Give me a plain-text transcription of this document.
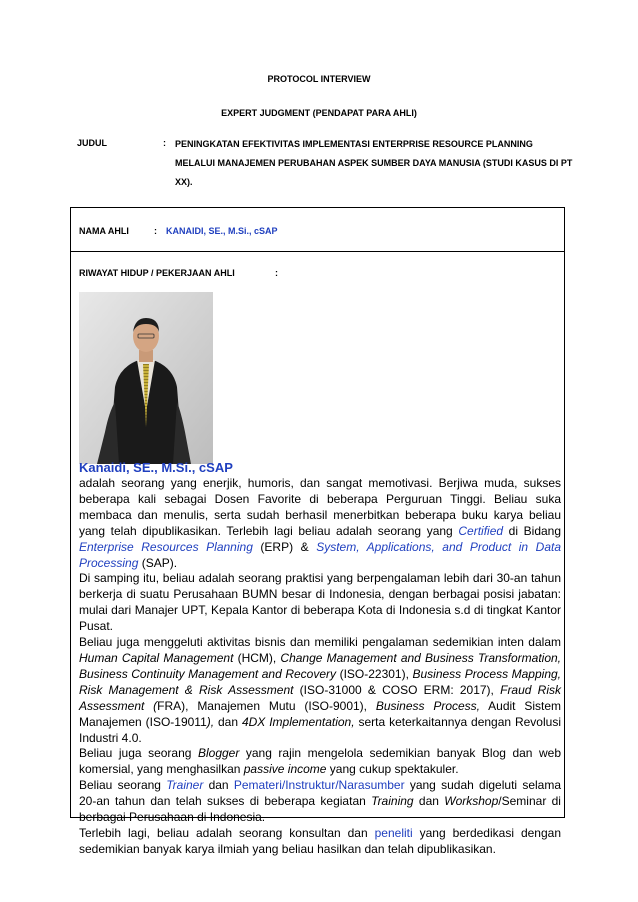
PROTOCOL INTERVIEW
EXPERT JUDGMENT (PENDAPAT PARA AHLI)
JUDUL	: PENINGKATAN EFEKTIVITAS IMPLEMENTASI ENTERPRISE RESOURCE PLANNING MELALUI MANAJEMEN PERUBAHAN ASPEK SUMBER DAYA MANUSIA (STUDI KASUS DI PT XX).
NAMA AHLI	: KANAIDI, SE., M.Si., cSAP
RIWAYAT HIDUP / PEKERJAAN AHLI	:
Kanaidi, SE., M.Si., cSAP

adalah seorang yang enerjik, humoris, dan sangat memotivasi. Berjiwa muda, sukses beberapa kali sebagai Dosen Favorite di beberapa Perguruan Tinggi. Beliau suka membaca dan menulis, serta sudah berhasil menerbitkan beberapa buku karya beliau yang telah dipublikasikan. Terlebih lagi beliau adalah seorang yang Certified di Bidang Enterprise Resources Planning (ERP) & System, Applications, and Product in Data Processing (SAP).

Di samping itu, beliau adalah seorang praktisi yang berpengalaman lebih dari 30-an tahun berkerja di suatu Perusahaan BUMN besar di Indonesia, dengan berbagai posisi jabatan: mulai dari Manajer UPT, Kepala Kantor di beberapa Kota di Indonesia s.d di tingkat Kantor Pusat.

Beliau juga menggeluti aktivitas bisnis dan memiliki pengalaman sedemikian inten dalam Human Capital Management (HCM), Change Management and Business Transformation, Business Continuity Management and Recovery (ISO-22301), Business Process Mapping, Risk Management & Risk Assessment (ISO-31000 & COSO ERM: 2017), Fraud Risk Assessment (FRA), Manajemen Mutu (ISO-9001), Business Process, Audit Sistem Manajemen (ISO-19011), dan 4DX Implementation, serta keterkaitannya dengan Revolusi Industri 4.0.

Beliau juga seorang Blogger yang rajin mengelola sedemikian banyak Blog dan web komersial, yang menghasilkan passive income yang cukup spektakuler.

Beliau seorang Trainer dan Pemateri/Instruktur/Narasumber yang sudah digeluti selama 20-an tahun dan telah sukses di beberapa kegiatan Training dan Workshop/Seminar di berbagai Perusahaan di Indonesia.

Terlebih lagi, beliau adalah seorang konsultan dan peneliti yang berdedikasi dengan sedemikian banyak karya ilmiah yang beliau hasilkan dan telah dipublikasikan.
